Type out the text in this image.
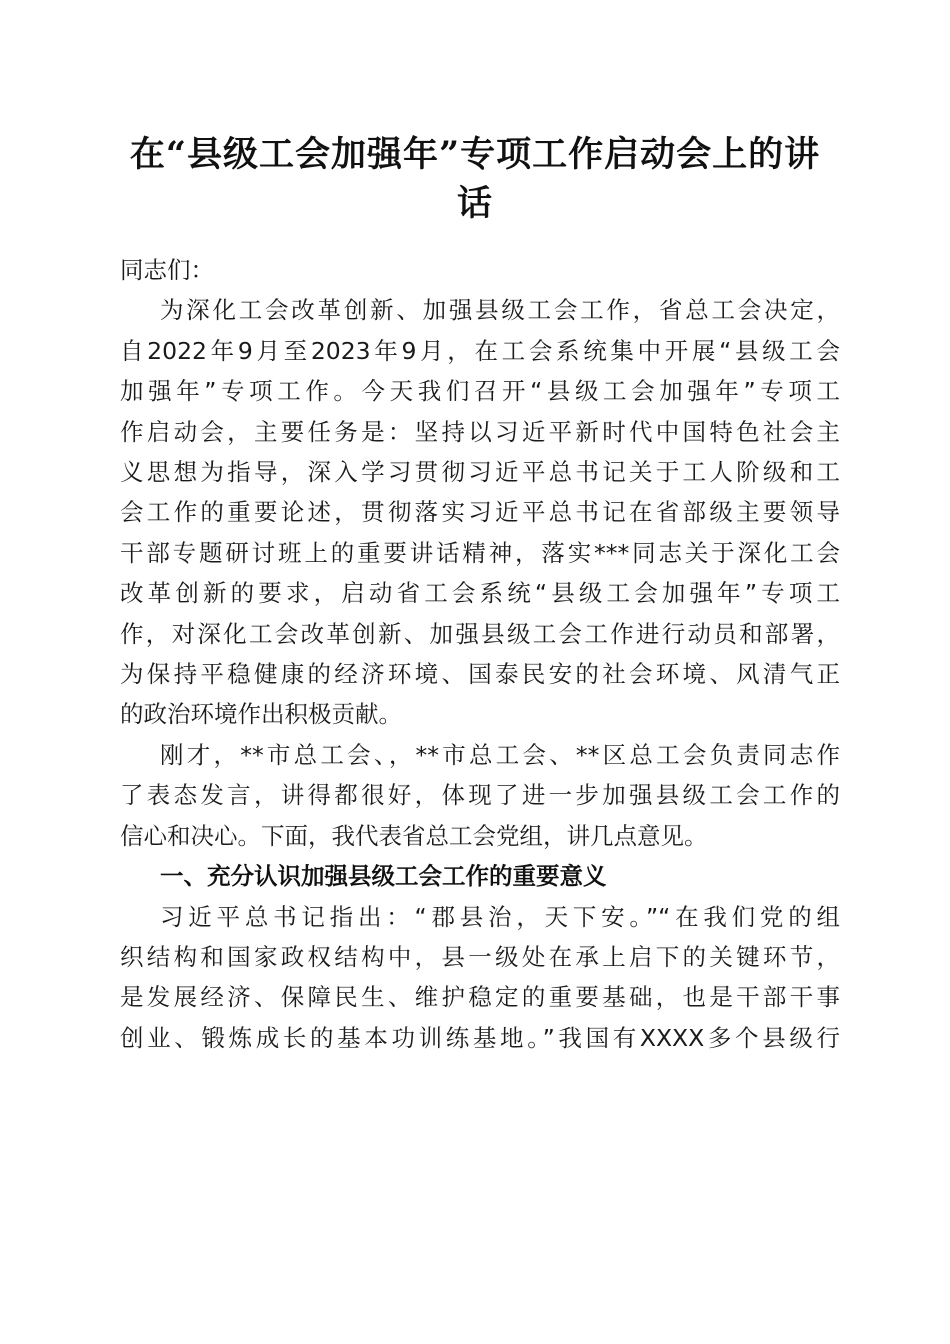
在“县级工会加强年”专项工作启动会上的讲
话

同志们：

为深化工会改革创新、加强县级工会工作，省总工会决定，
自2022年9月至2023年9月，在工会系统集中开展“县级工会
加强年”专项工作。今天我们召开“县级工会加强年”专项工
作启动会，主要任务是：坚持以习近平新时代中国特色社会主
义思想为指导，深入学习贯彻习近平总书记关于工人阶级和工
会工作的重要论述，贯彻落实习近平总书记在省部级主要领导
干部专题研讨班上的重要讲话精神，落实***同志关于深化工会
改革创新的要求，启动省工会系统“县级工会加强年”专项工
作，对深化工会改革创新、加强县级工会工作进行动员和部署，
为保持平稳健康的经济环境、国泰民安的社会环境、风清气正
的政治环境作出积极贡献。

刚才，**市总工会、，**市总工会、**区总工会负责同志作
了表态发言，讲得都很好，体现了进一步加强县级工会工作的
信心和决心。下面，我代表省总工会党组，讲几点意见。

一、充分认识加强县级工会工作的重要意义

习近平总书记指出：“郡县治，天下安。”“在我们党的组
织结构和国家政权结构中，县一级处在承上启下的关键环节，
是发展经济、保障民生、维护稳定的重要基础，也是干部干事
创业、锻炼成长的基本功训练基地。”我国有XXXX多个县级行
